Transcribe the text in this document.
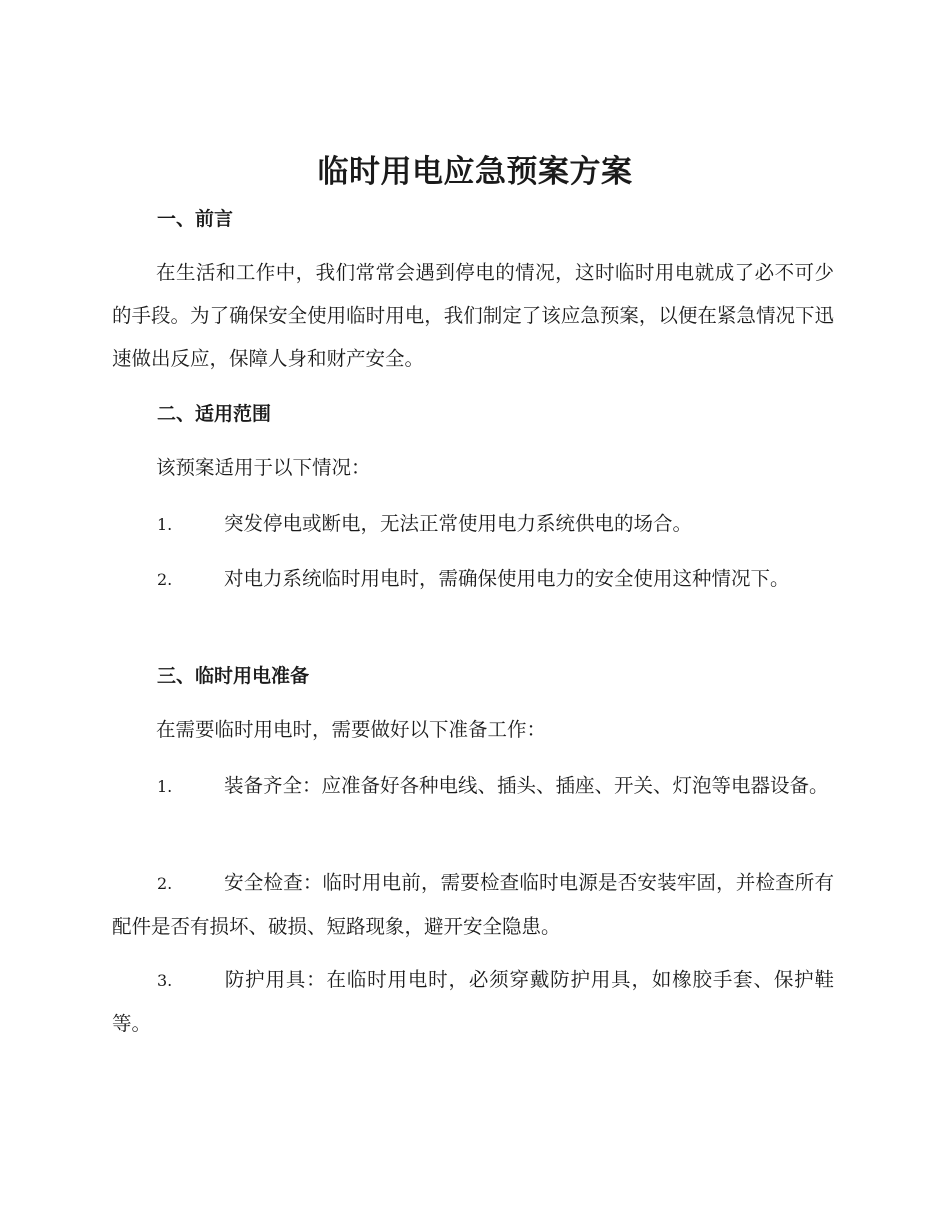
临时用电应急预案方案
一、前言
在生活和工作中，我们常常会遇到停电的情况，这时临时用电就成了必不可少的手段。为了确保安全使用临时用电，我们制定了该应急预案，以便在紧急情况下迅速做出反应，保障人身和财产安全。
二、适用范围
该预案适用于以下情况：
1.	突发停电或断电，无法正常使用电力系统供电的场合。
2.	对电力系统临时用电时，需确保使用电力的安全使用这种情况下。
三、临时用电准备
在需要临时用电时，需要做好以下准备工作：
1.	装备齐全：应准备好各种电线、插头、插座、开关、灯泡等电器设备。
2.	安全检查：临时用电前，需要检查临时电源是否安装牢固，并检查所有配件是否有损坏、破损、短路现象，避开安全隐患。
3.	防护用具：在临时用电时，必须穿戴防护用具，如橡胶手套、保护鞋等。
